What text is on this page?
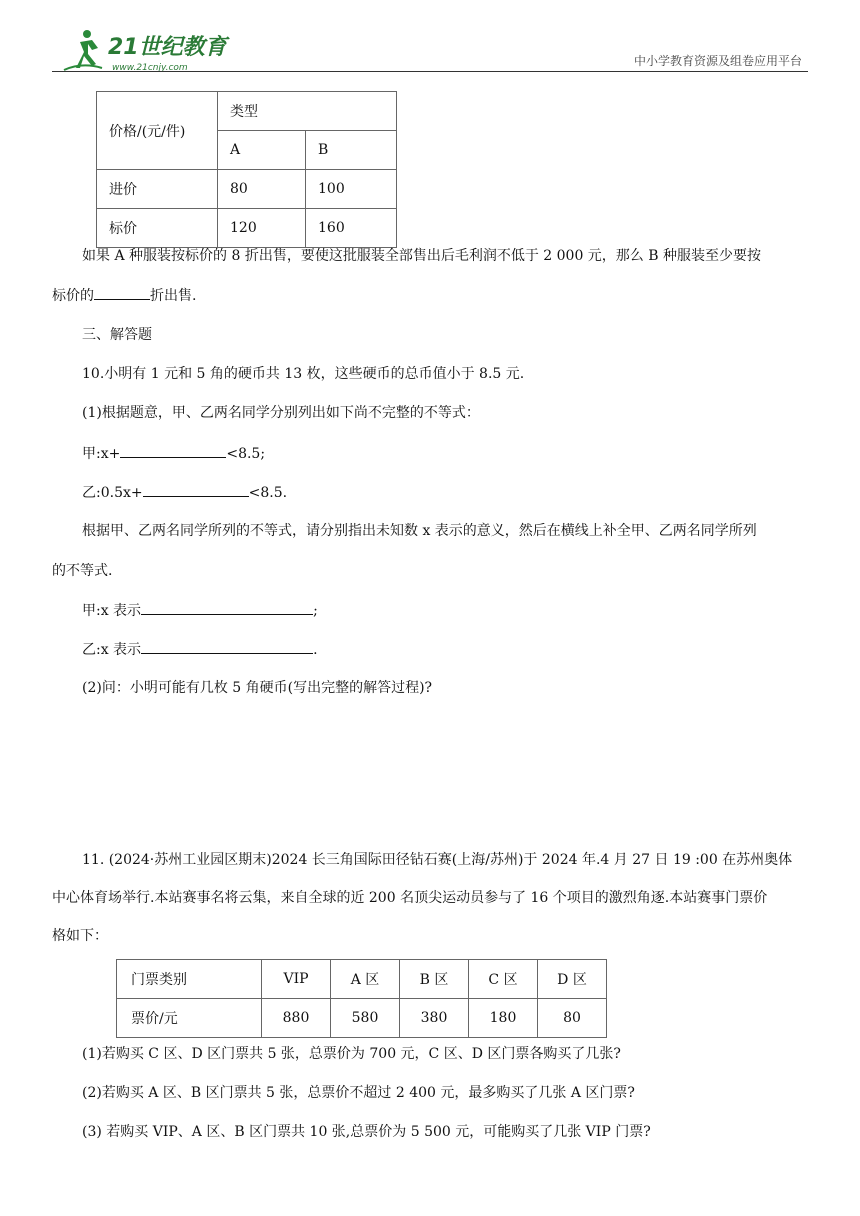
21世纪教育
www.21cnjy.com	中小学教育资源及组卷应用平台
价格/(元/件)	类型	
	A	B
进价	80	100
标价	120	160
如果 A 种服装按标价的 8 折出售，要使这批服装全部售出后毛利润不低于 2 000 元，那么 B 种服装至少要按
标价的	折出售.
三、解答题
10.小明有 1 元和 5 角的硬币共 13 枚，这些硬币的总币值小于 8.5 元.
(1)根据题意，甲、乙两名同学分别列出如下尚不完整的不等式：
甲:x+	<8.5;
乙:0.5x+	<8.5.
根据甲、乙两名同学所列的不等式，请分别指出未知数 x 表示的意义，然后在横线上补全甲、乙两名同学所列
的不等式.
甲:x 表示	;
乙:x 表示	.
(2)问：小明可能有几枚 5 角硬币(写出完整的解答过程)?
11. (2024·苏州工业园区期末)2024 长三角国际田径钻石赛(上海/苏州)于 2024 年.4 月 27 日 19 :00 在苏州奥体
中心体育场举行.本站赛事名将云集，来自全球的近 200 名顶尖运动员参与了 16 个项目的激烈角逐.本站赛事门票价
格如下：
门票类别	VIP	A 区	B 区	C 区	D 区
票价/元	880	580	380	180	80
(1)若购买 C 区、D 区门票共 5 张，总票价为 700 元，C 区、D 区门票各购买了几张?
(2)若购买 A 区、B 区门票共 5 张，总票价不超过 2 400 元，最多购买了几张 A 区门票?
(3) 若购买 VIP、A 区、B 区门票共 10 张,总票价为 5 500 元，可能购买了几张 VIP 门票?
